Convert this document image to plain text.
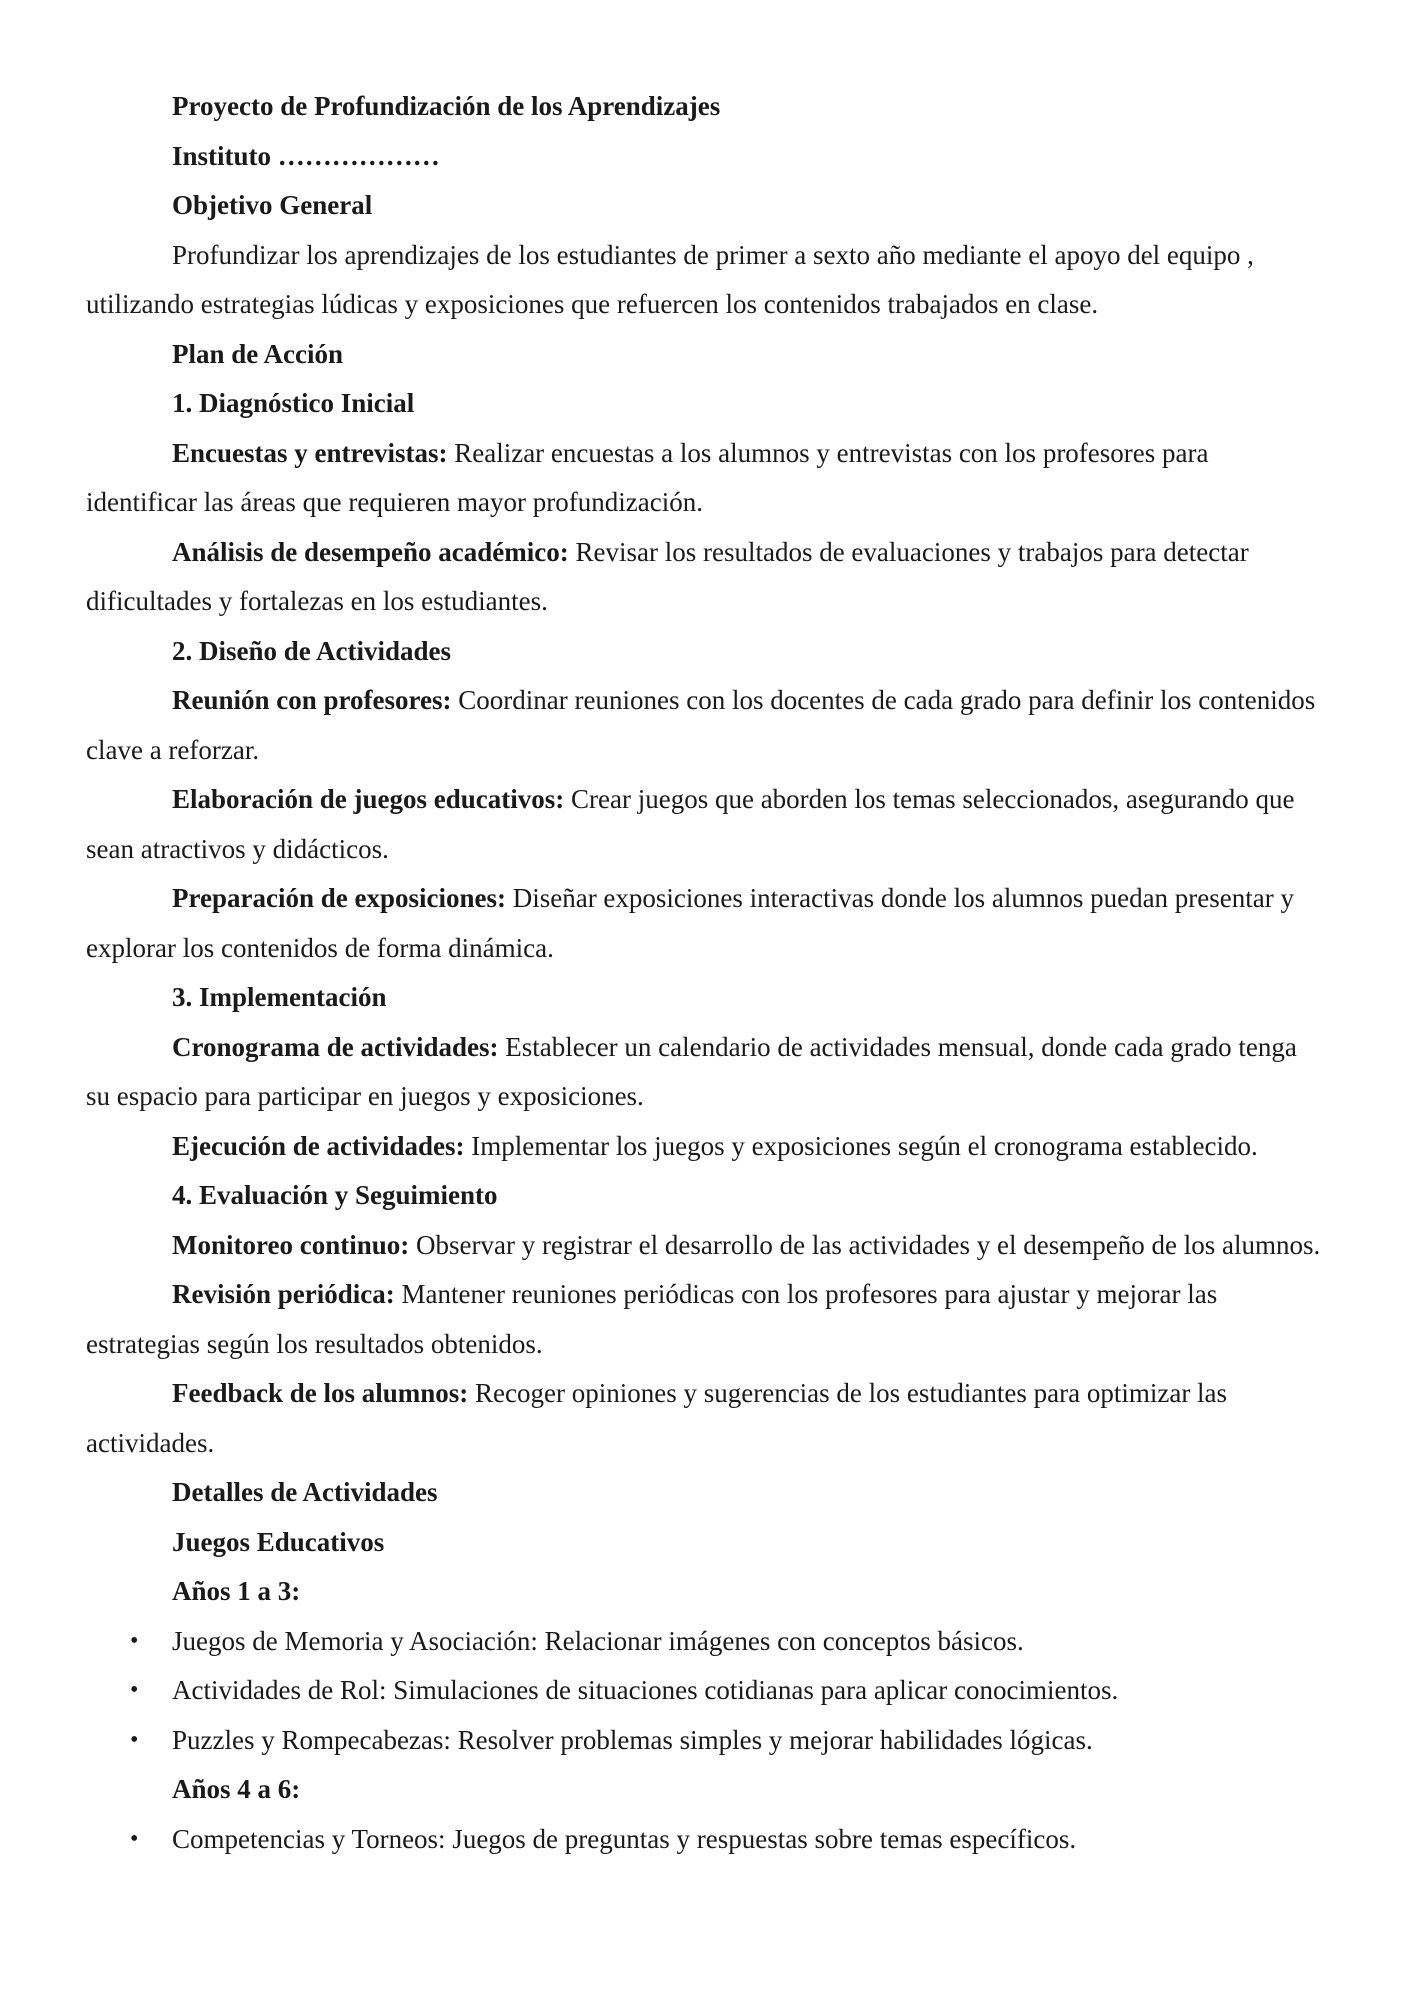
Proyecto de Profundización de los Aprendizajes

Instituto ………………

Objetivo General

Profundizar los aprendizajes de los estudiantes de primer a sexto año mediante el apoyo del equipo , utilizando estrategias lúdicas y exposiciones que refuercen los contenidos trabajados en clase.

Plan de Acción

1. Diagnóstico Inicial

Encuestas y entrevistas: Realizar encuestas a los alumnos y entrevistas con los profesores para identificar las áreas que requieren mayor profundización.

Análisis de desempeño académico: Revisar los resultados de evaluaciones y trabajos para detectar dificultades y fortalezas en los estudiantes.

2. Diseño de Actividades

Reunión con profesores: Coordinar reuniones con los docentes de cada grado para definir los contenidos clave a reforzar.

Elaboración de juegos educativos: Crear juegos que aborden los temas seleccionados, asegurando que sean atractivos y didácticos.

Preparación de exposiciones: Diseñar exposiciones interactivas donde los alumnos puedan presentar y explorar los contenidos de forma dinámica.

3. Implementación

Cronograma de actividades: Establecer un calendario de actividades mensual, donde cada grado tenga su espacio para participar en juegos y exposiciones.

Ejecución de actividades: Implementar los juegos y exposiciones según el cronograma establecido.

4. Evaluación y Seguimiento

Monitoreo continuo: Observar y registrar el desarrollo de las actividades y el desempeño de los alumnos.

Revisión periódica: Mantener reuniones periódicas con los profesores para ajustar y mejorar las estrategias según los resultados obtenidos.

Feedback de los alumnos: Recoger opiniones y sugerencias de los estudiantes para optimizar las actividades.

Detalles de Actividades

Juegos Educativos

Años 1 a 3:

• Juegos de Memoria y Asociación: Relacionar imágenes con conceptos básicos.
• Actividades de Rol: Simulaciones de situaciones cotidianas para aplicar conocimientos.
• Puzzles y Rompecabezas: Resolver problemas simples y mejorar habilidades lógicas.

Años 4 a 6:

• Competencias y Torneos: Juegos de preguntas y respuestas sobre temas específicos.
